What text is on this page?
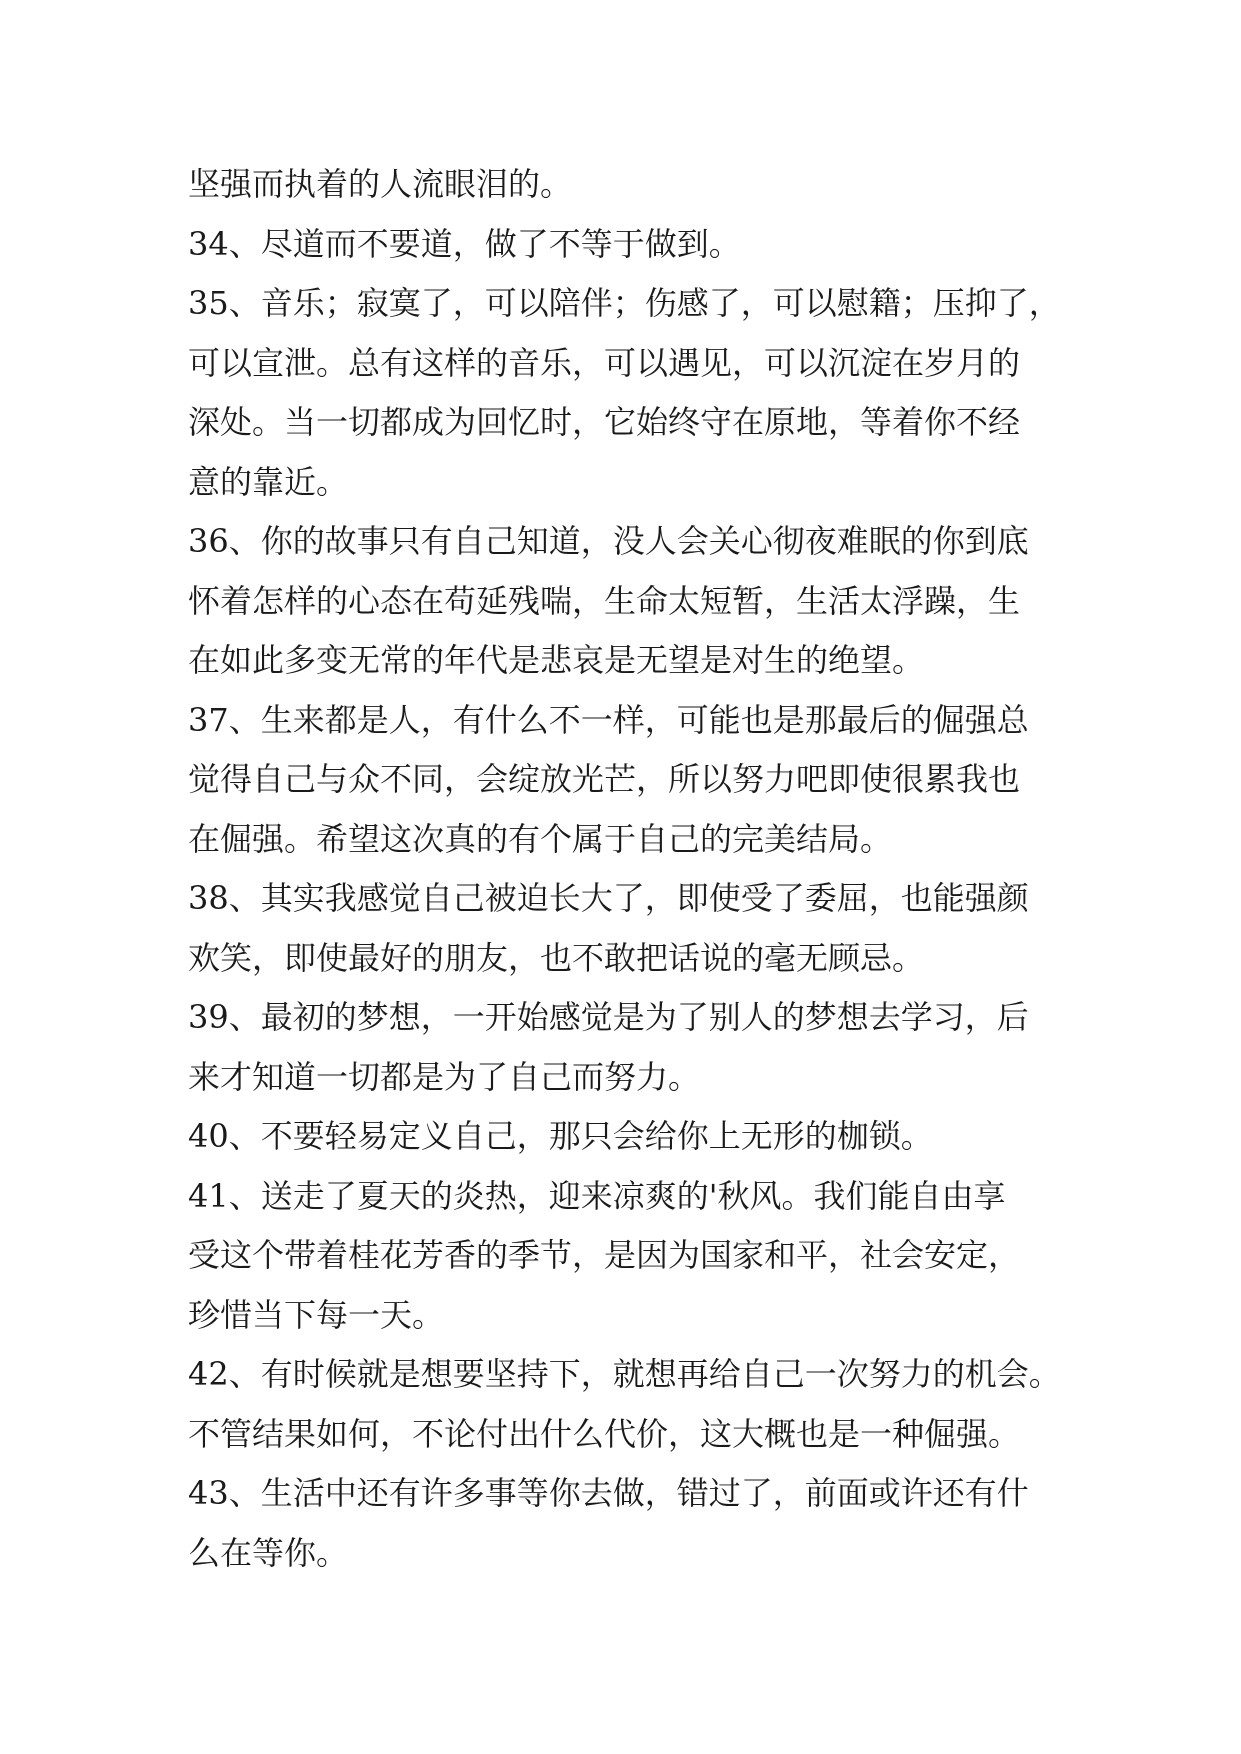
坚强而执着的人流眼泪的。
34、尽道而不要道，做了不等于做到。
35、音乐；寂寞了，可以陪伴；伤感了，可以慰籍；压抑了，
可以宣泄。总有这样的音乐，可以遇见，可以沉淀在岁月的
深处。当一切都成为回忆时，它始终守在原地，等着你不经
意的靠近。
36、你的故事只有自己知道，没人会关心彻夜难眠的你到底
怀着怎样的心态在苟延残喘，生命太短暂，生活太浮躁，生
在如此多变无常的年代是悲哀是无望是对生的绝望。
37、生来都是人，有什么不一样，可能也是那最后的倔强总
觉得自己与众不同，会绽放光芒，所以努力吧即使很累我也
在倔强。希望这次真的有个属于自己的完美结局。
38、其实我感觉自己被迫长大了，即使受了委屈，也能强颜
欢笑，即使最好的朋友，也不敢把话说的毫无顾忌。
39、最初的梦想，一开始感觉是为了别人的梦想去学习，后
来才知道一切都是为了自己而努力。
40、不要轻易定义自己，那只会给你上无形的枷锁。
41、送走了夏天的炎热，迎来凉爽的'秋风。我们能自由享
受这个带着桂花芳香的季节，是因为国家和平，社会安定，
珍惜当下每一天。
42、有时候就是想要坚持下，就想再给自己一次努力的机会。
不管结果如何，不论付出什么代价，这大概也是一种倔强。
43、生活中还有许多事等你去做，错过了，前面或许还有什
么在等你。
